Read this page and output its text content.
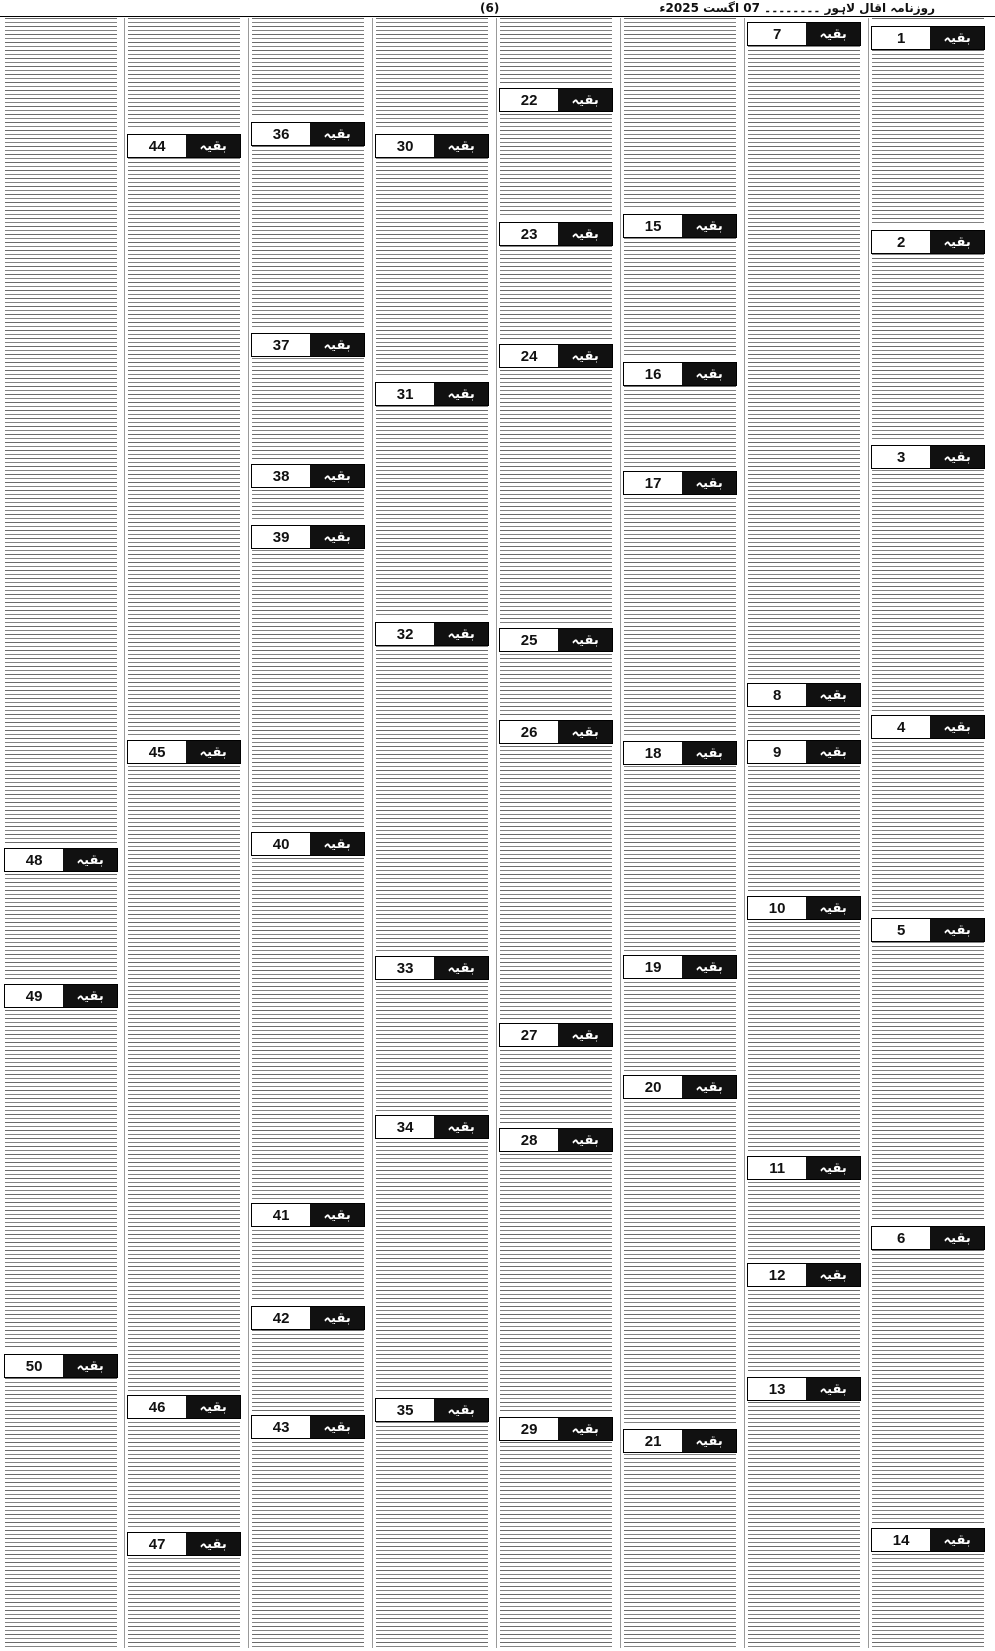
(6)	روزنامہ اقال لاہور ۔۔۔۔۔۔۔۔ 07 اگست 2025ء
1	بقیہ
2	بقیہ
3	بقیہ
4	بقیہ
5	بقیہ
6	بقیہ
14	بقیہ
7	بقیہ
8	بقیہ
9	بقیہ
10	بقیہ
11	بقیہ
12	بقیہ
13	بقیہ
15	بقیہ
16	بقیہ
17	بقیہ
18	بقیہ
19	بقیہ
20	بقیہ
21	بقیہ
22	بقیہ
23	بقیہ
24	بقیہ
25	بقیہ
26	بقیہ
27	بقیہ
28	بقیہ
29	بقیہ
30	بقیہ
31	بقیہ
32	بقیہ
33	بقیہ
34	بقیہ
35	بقیہ
36	بقیہ
37	بقیہ
38	بقیہ
39	بقیہ
40	بقیہ
41	بقیہ
42	بقیہ
43	بقیہ
44	بقیہ
45	بقیہ
46	بقیہ
47	بقیہ
48	بقیہ
49	بقیہ
50	بقیہ
